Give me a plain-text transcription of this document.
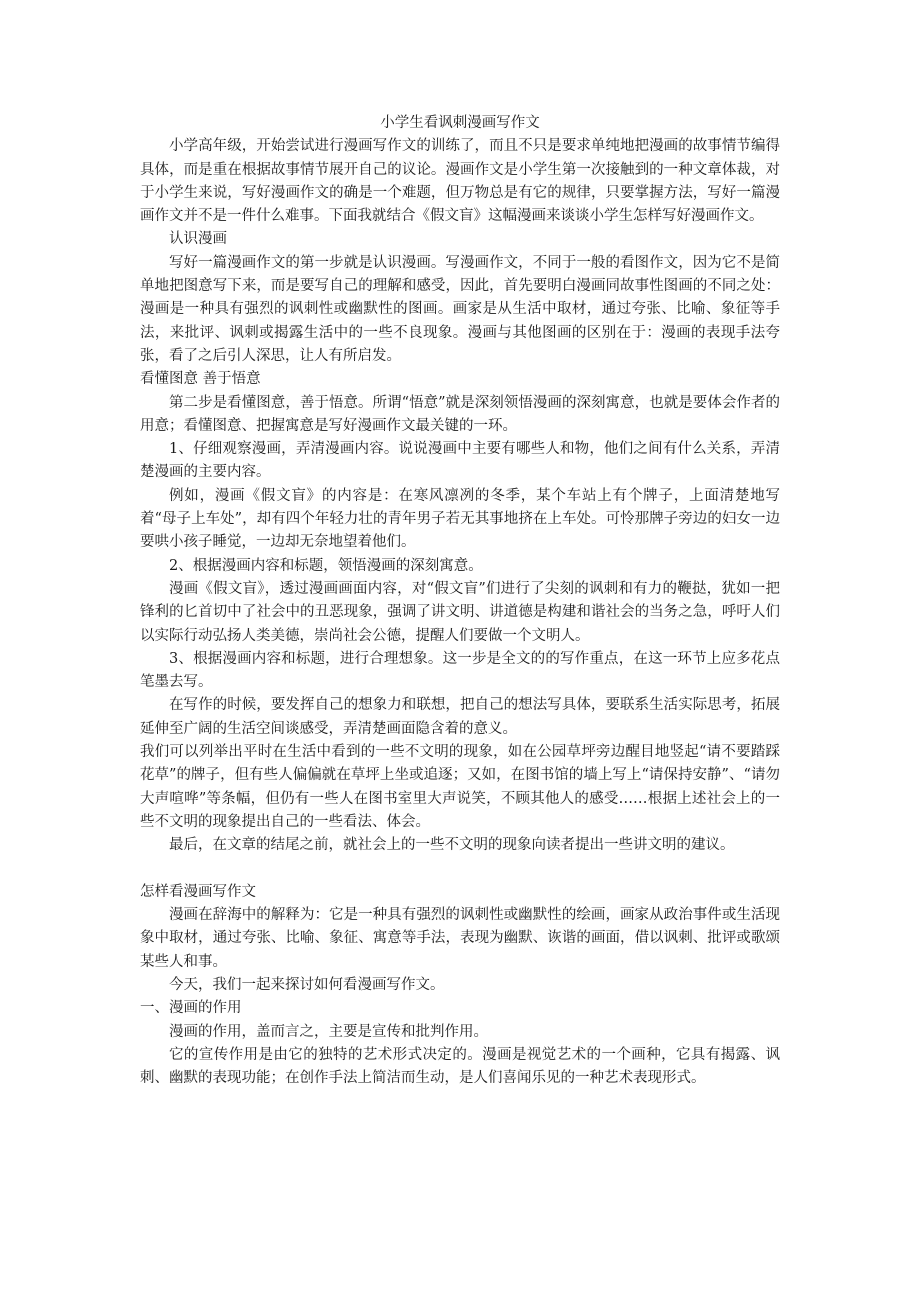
小学生看讽刺漫画写作文

小学高年级，开始尝试进行漫画写作文的训练了，而且不只是要求单纯地把漫画的故事情节编得具体，而是重在根据故事情节展开自己的议论。漫画作文是小学生第一次接触到的一种文章体裁，对于小学生来说，写好漫画作文的确是一个难题，但万物总是有它的规律，只要掌握方法，写好一篇漫画作文并不是一件什么难事。下面我就结合《假文盲》这幅漫画来谈谈小学生怎样写好漫画作文。

认识漫画

写好一篇漫画作文的第一步就是认识漫画。写漫画作文，不同于一般的看图作文，因为它不是简单地把图意写下来，而是要写自己的理解和感受，因此，首先要明白漫画同故事性图画的不同之处：漫画是一种具有强烈的讽刺性或幽默性的图画。画家是从生活中取材，通过夸张、比喻、象征等手法，来批评、讽刺或揭露生活中的一些不良现象。漫画与其他图画的区别在于：漫画的表现手法夸张，看了之后引人深思，让人有所启发。

看懂图意 善于悟意

第二步是看懂图意，善于悟意。所谓“悟意”就是深刻领悟漫画的深刻寓意，也就是要体会作者的用意；看懂图意、把握寓意是写好漫画作文最关键的一环。

1、仔细观察漫画，弄清漫画内容。说说漫画中主要有哪些人和物，他们之间有什么关系，弄清楚漫画的主要内容。

例如，漫画《假文盲》的内容是：在寒风凛冽的冬季，某个车站上有个牌子，上面清楚地写着“母子上车处”，却有四个年轻力壮的青年男子若无其事地挤在上车处。可怜那牌子旁边的妇女一边要哄小孩子睡觉，一边却无奈地望着他们。

2、根据漫画内容和标题，领悟漫画的深刻寓意。

漫画《假文盲》，透过漫画画面内容，对“假文盲”们进行了尖刻的讽刺和有力的鞭挞，犹如一把锋利的匕首切中了社会中的丑恶现象，强调了讲文明、讲道德是构建和谐社会的当务之急，呼吁人们以实际行动弘扬人类美德，崇尚社会公德，提醒人们要做一个文明人。

3、根据漫画内容和标题，进行合理想象。这一步是全文的的写作重点，在这一环节上应多花点笔墨去写。

在写作的时候，要发挥自己的想象力和联想，把自己的想法写具体，要联系生活实际思考，拓展延伸至广阔的生活空间谈感受，弄清楚画面隐含着的意义。

我们可以列举出平时在生活中看到的一些不文明的现象，如在公园草坪旁边醒目地竖起“请不要踏踩花草”的牌子，但有些人偏偏就在草坪上坐或追逐；又如，在图书馆的墙上写上“请保持安静”、“请勿大声喧哗”等条幅，但仍有一些人在图书室里大声说笑，不顾其他人的感受……根据上述社会上的一些不文明的现象提出自己的一些看法、体会。

最后，在文章的结尾之前，就社会上的一些不文明的现象向读者提出一些讲文明的建议。

怎样看漫画写作文

漫画在辞海中的解释为：它是一种具有强烈的讽刺性或幽默性的绘画，画家从政治事件或生活现象中取材，通过夸张、比喻、象征、寓意等手法，表现为幽默、诙谐的画面，借以讽刺、批评或歌颂某些人和事。

今天，我们一起来探讨如何看漫画写作文。

一、漫画的作用

漫画的作用，盖而言之，主要是宣传和批判作用。

它的宣传作用是由它的独特的艺术形式决定的。漫画是视觉艺术的一个画种，它具有揭露、讽刺、幽默的表现功能；在创作手法上简洁而生动，是人们喜闻乐见的一种艺术表现形式。
